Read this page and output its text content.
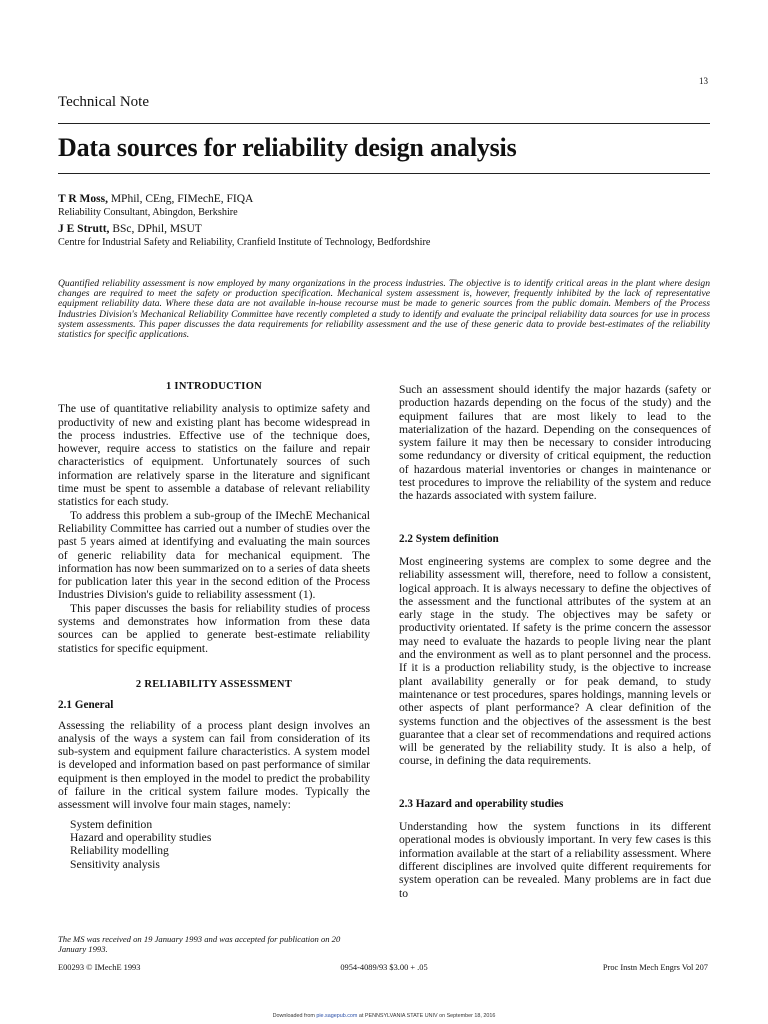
13
Technical Note
Data sources for reliability design analysis
T R Moss, MPhil, CEng, FIMechE, FIQA
Reliability Consultant, Abingdon, Berkshire
J E Strutt, BSc, DPhil, MSUT
Centre for Industrial Safety and Reliability, Cranfield Institute of Technology, Bedfordshire

Quantified reliability assessment is now employed by many organizations in the process industries. The objective is to identify critical areas in the plant where design changes are required to meet the safety or production specification. Mechanical system assessment is, however, frequently inhibited by the lack of representative equipment reliability data. Where these data are not available in-house recourse must be made to generic sources from the public domain. Members of the Process Industries Division's Mechanical Reliability Committee have recently completed a study to identify and evaluate the principal reliability data sources for use in process system assessments. This paper discusses the data requirements for reliability assessment and the use of these generic data to provide best-estimates of the reliability statistics for specific applications.

1 INTRODUCTION

The use of quantitative reliability analysis to optimize safety and productivity of new and existing plant has become widespread in the process industries. Effective use of the technique does, however, require access to statistics on the failure and repair characteristics of equipment. Unfortunately sources of such information are relatively sparse in the literature and significant time must be spent to assemble a database of relevant reliability statistics for each study.

To address this problem a sub-group of the IMechE Mechanical Reliability Committee has carried out a number of studies over the past 5 years aimed at identifying and evaluating the main sources of generic reliability data for mechanical equipment. The information has now been summarized on to a series of data sheets for publication later this year in the second edition of the Process Industries Division's guide to reliability assessment (1).

This paper discusses the basis for reliability studies of process systems and demonstrates how information from these data sources can be applied to generate best-estimate reliability statistics for specific equipment.

2 RELIABILITY ASSESSMENT
2.1 General

Assessing the reliability of a process plant design involves an analysis of the ways a system can fail from consideration of its sub-system and equipment failure characteristics. A system model is developed and information based on past performance of similar equipment is then employed in the model to predict the probability of failure in the critical system failure modes. Typically the assessment will involve four main stages, namely:

System definition
Hazard and operability studies
Reliability modelling
Sensitivity analysis

Such an assessment should identify the major hazards (safety or production hazards depending on the focus of the study) and the equipment failures that are most likely to lead to the materialization of the hazard. Depending on the consequences of system failure it may then be necessary to consider introducing some redundancy or diversity of critical equipment, the reduction of hazardous material inventories or changes in maintenance or test procedures to improve the reliability of the system and reduce the hazards associated with system failure.

2.2 System definition

Most engineering systems are complex to some degree and the reliability assessment will, therefore, need to follow a consistent, logical approach. It is always necessary to define the objectives of the assessment and the functional attributes of the system at an early stage in the study. The objectives may be safety or productivity orientated. If safety is the prime concern the assessor may need to evaluate the hazards to people living near the plant and the environment as well as to plant personnel and the process. If it is a production reliability study, is the objective to increase plant availability generally or for peak demand, to study maintenance or test procedures, spares holdings, manning levels or other aspects of plant performance? A clear definition of the systems function and the objectives of the assessment is the best guarantee that a clear set of recommendations and required actions will be generated by the reliability study. It is also a help, of course, in defining the data requirements.

2.3 Hazard and operability studies

Understanding how the system functions in its different operational modes is obviously important. In very few cases is this information available at the start of a reliability assessment. Where different disciplines are involved quite different requirements for system operation can be revealed. Many problems are in fact due to

The MS was received on 19 January 1993 and was accepted for publication on 20 January 1993.
E00293 © IMechE 1993	0954-4089/93 $3.00 + .05	Proc Instn Mech Engrs Vol 207
Downloaded from pie.sagepub.com at PENNSYLVANIA STATE UNIV on September 18, 2016
